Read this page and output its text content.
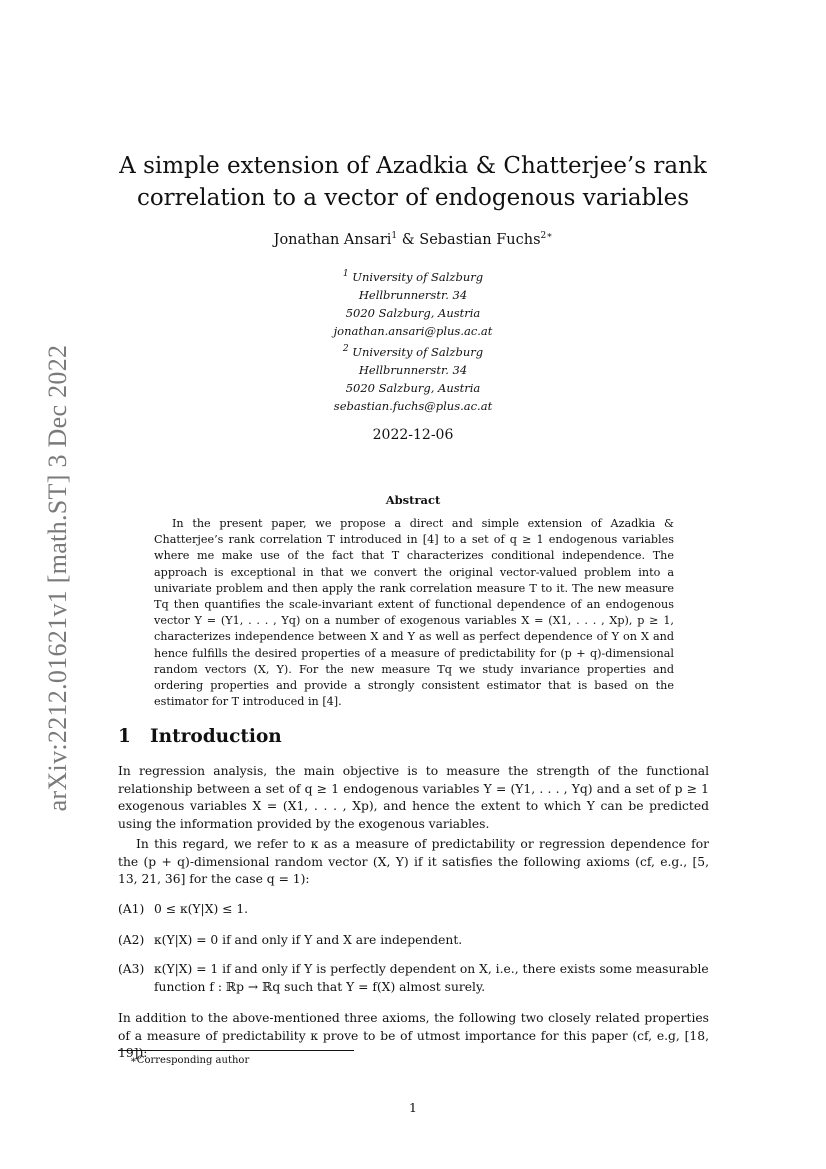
arXiv:2212.01621v1 [math.ST] 3 Dec 2022
A simple extension of Azadkia & Chatterjee’s rank
correlation to a vector of endogenous variables
Jonathan Ansari$^1$ & Sebastian Fuchs$^{2∗}$
$^1$ University of Salzburg
Hellbrunnerstr. 34
5020 Salzburg, Austria
jonathan.ansari@plus.ac.at
$^2$ University of Salzburg
Hellbrunnerstr. 34
5020 Salzburg, Austria
sebastian.fuchs@plus.ac.at
2022-12-06
Abstract

In the present paper, we propose a direct and simple extension of Azadkia & Chatterjee’s rank correlation T introduced in [4] to a set of q ≥ 1 endogenous variables where me make use of the fact that T characterizes conditional independence. The approach is exceptional in that we convert the original vector-valued problem into a univariate problem and then apply the rank correlation measure T to it. The new measure Tq then quantifies the scale-invariant extent of functional dependence of an endogenous vector Y = (Y1, . . . , Yq) on a number of exogenous variables X = (X1, . . . , Xp), p ≥ 1, characterizes independence between X and Y as well as perfect dependence of Y on X and hence fulfills the desired properties of a measure of predictability for (p + q)-dimensional random vectors (X, Y). For the new measure Tq we study invariance properties and ordering properties and provide a strongly consistent estimator that is based on the estimator for T introduced in [4].

1 Introduction

In regression analysis, the main objective is to measure the strength of the functional relationship between a set of q ≥ 1 endogenous variables Y = (Y1, . . . , Yq) and a set of p ≥ 1 exogenous variables X = (X1, . . . , Xp), and hence the extent to which Y can be predicted using the information provided by the exogenous variables.

In this regard, we refer to κ as a measure of predictability or regression dependence for the (p + q)-dimensional random vector (X, Y) if it satisfies the following axioms (cf, e.g., [5, 13, 21, 36] for the case q = 1):

(A1) 0 ≤ κ(Y|X) ≤ 1.
(A2) κ(Y|X) = 0 if and only if Y and X are independent.
(A3) κ(Y|X) = 1 if and only if Y is perfectly dependent on X, i.e., there exists some measurable
function f : ℝp → ℝq such that Y = f(X) almost surely.

In addition to the above-mentioned three axioms, the following two closely related properties of a measure of predictability κ prove to be of utmost importance for this paper (cf, e.g, [18, 19]):

∗Corresponding author
1
